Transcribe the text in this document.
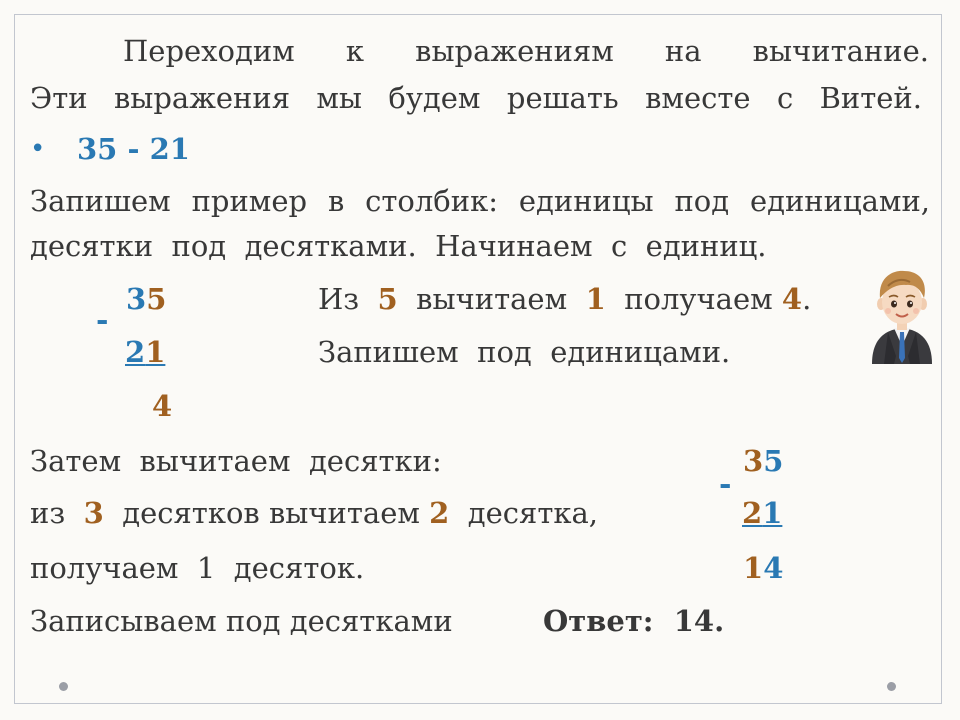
Переходим к выражениям на вычитание.
Эти выражения мы будем решать вместе с Витей.
• 35 - 21
Запишем пример в столбик: единицы под единицами,
десятки  под  десятками.  Начинаем  с  единиц.
-
35
21
4
Из 5 вычитаем 1 получаем 4.
Запишем  под  единицами.
Затем  вычитаем  десятки:
из 3 десятков вычитаем 2 десятка,
получаем  1  десяток.
Записываем под десятками	Ответ: 14.
-
35
21
14
